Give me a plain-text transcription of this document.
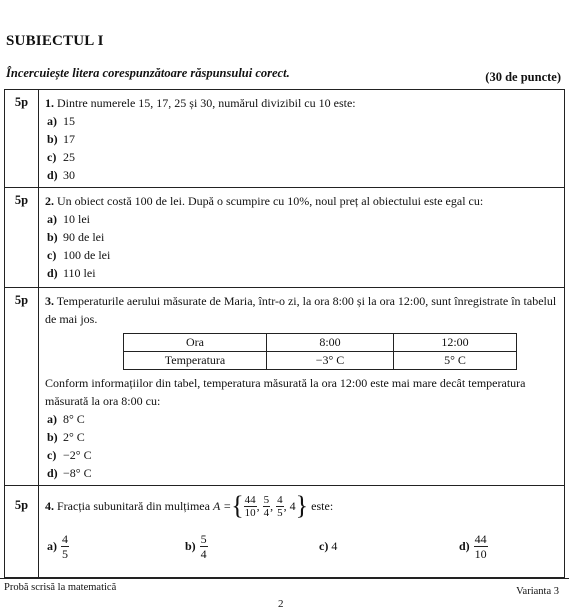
SUBIECTUL I
Încercuiește litera corespunzătoare răspunsului corect.	(30 de puncte)
5p	1. Dintre numerele 15, 17, 25 și 30, numărul divizibil cu 10 este:
a) 15
b) 17
c) 25
d) 30

5p	2. Un obiect costă 100 de lei. După o scumpire cu 10%, noul preț al obiectului este egal cu:
a) 10 lei
b) 90 de lei
c) 100 de lei
d) 110 lei

5p	3. Temperaturile aerului măsurate de Maria, într-o zi, la ora 8:00 și la ora 12:00, sunt înregistrate în tabelul de mai jos.
Ora	8:00	12:00
Temperatura	−3° C	5° C
Conform informațiilor din tabel, temperatura măsurată la ora 12:00 este mai mare decât temperatura măsurată la ora 8:00 cu:
a) 8° C
b) 2° C
c) −2° C
d) −8° C

5p	4.
Fracția subunitară din mulțimea
A = { $\frac{44}{10}$ , $\frac{5}{4}$ , $\frac{4}{5}$ , 4 }
este:
a)
4
5
b)
5
4
c)
4	d)
44
10
Probă scrisă la matematică	Varianta 3
2
